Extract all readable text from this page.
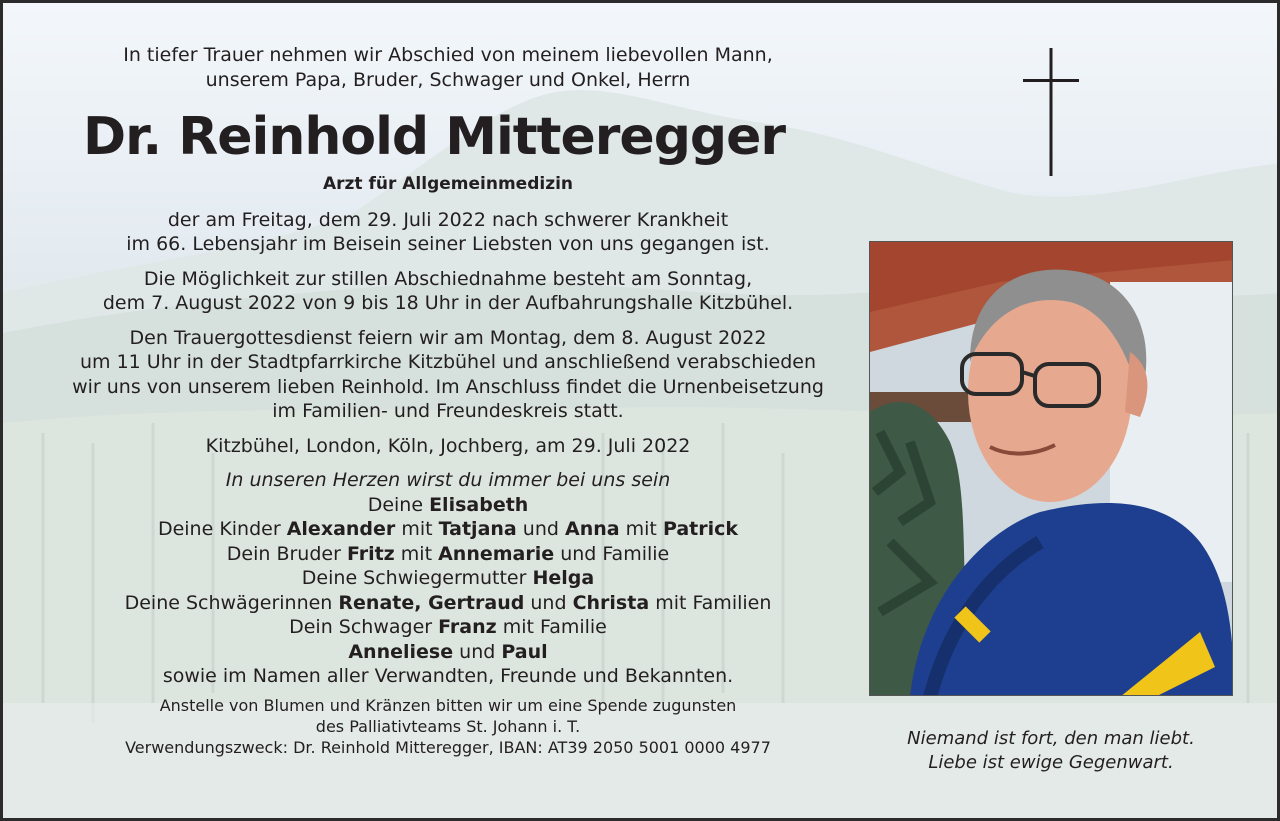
In tiefer Trauer nehmen wir Abschied von meinem liebevollen Mann,

unserem Papa, Bruder, Schwager und Onkel, Herrn

Dr. Reinhold Mitteregger

Arzt für Allgemeinmedizin

der am Freitag, dem 29. Juli 2022 nach schwerer Krankheit

im 66. Lebensjahr im Beisein seiner Liebsten von uns gegangen ist.

Die Möglichkeit zur stillen Abschiednahme besteht am Sonntag,

dem 7. August 2022 von 9 bis 18 Uhr in der Aufbahrungshalle Kitzbühel.

Den Trauergottesdienst feiern wir am Montag, dem 8. August 2022

um 11 Uhr in der Stadtpfarrkirche Kitzbühel und anschließend verabschieden

wir uns von unserem lieben Reinhold. Im Anschluss findet die Urnenbeisetzung

im Familien- und Freundeskreis statt.

Kitzbühel, London, Köln, Jochberg, am 29. Juli 2022

In unseren Herzen wirst du immer bei uns sein

Deine Elisabeth

Deine Kinder Alexander mit Tatjana und Anna mit Patrick

Dein Bruder Fritz mit Annemarie und Familie

Deine Schwiegermutter Helga

Deine Schwägerinnen Renate, Gertraud und Christa mit Familien

Dein Schwager Franz mit Familie

Anneliese und Paul

sowie im Namen aller Verwandten, Freunde und Bekannten.

Anstelle von Blumen und Kränzen bitten wir um eine Spende zugunsten

des Palliativteams St. Johann i. T.

Verwendungszweck: Dr. Reinhold Mitteregger, IBAN: AT39 2050 5001 0000 4977	Niemand ist fort, den man liebt.

Liebe ist ewige Gegenwart.
